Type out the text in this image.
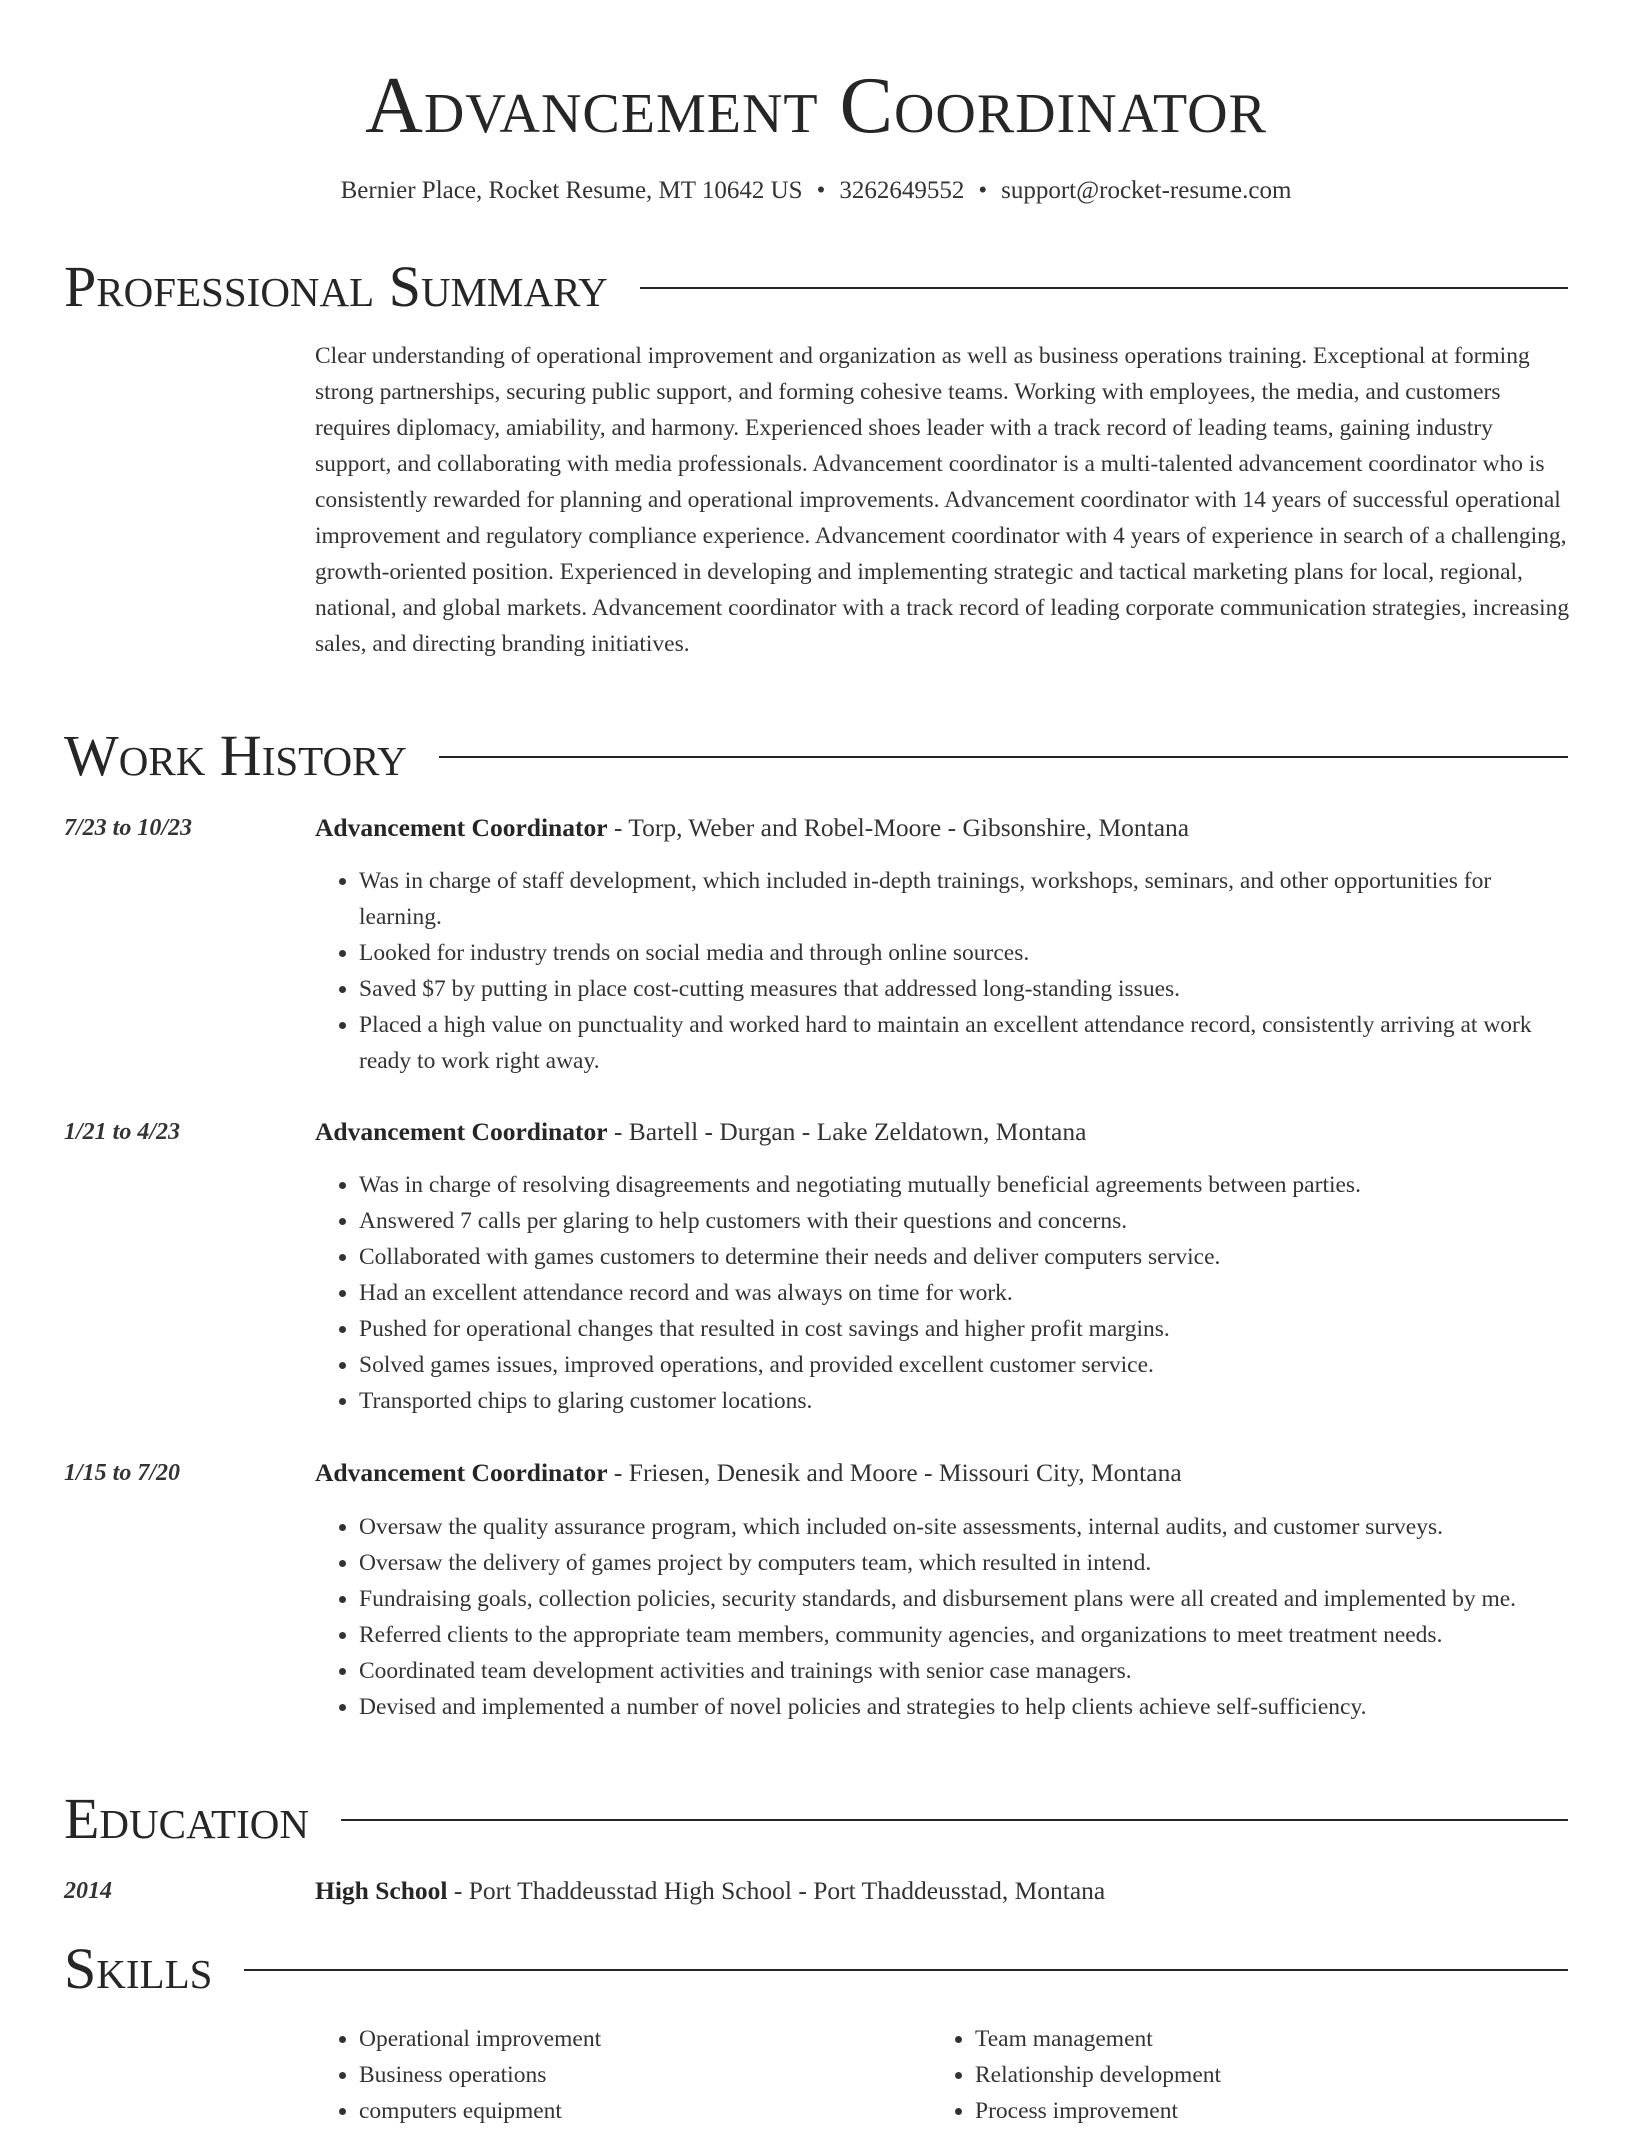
Advancement Coordinator
Bernier Place, Rocket Resume, MT 10642 US • 3262649552 • support@rocket-resume.com
Professional Summary

Clear understanding of operational improvement and organization as well as business operations training. Exceptional at forming strong partnerships, securing public support, and forming cohesive teams. Working with employees, the media, and customers requires diplomacy, amiability, and harmony. Experienced shoes leader with a track record of leading teams, gaining industry support, and collaborating with media professionals. Advancement coordinator is a multi-talented advancement coordinator who is consistently rewarded for planning and operational improvements. Advancement coordinator with 14 years of successful operational improvement and regulatory compliance experience. Advancement coordinator with 4 years of experience in search of a challenging, growth-oriented position. Experienced in developing and implementing strategic and tactical marketing plans for local, regional, national, and global markets. Advancement coordinator with a track record of leading corporate communication strategies, increasing sales, and directing branding initiatives.

Work History
7/23 to 10/23	Advancement Coordinator - Torp, Weber and Robel-Moore - Gibsonshire, Montana
• Was in charge of staff development, which included in-depth trainings, workshops, seminars, and other opportunities for learning.
• Looked for industry trends on social media and through online sources.
• Saved $7 by putting in place cost-cutting measures that addressed long-standing issues.
• Placed a high value on punctuality and worked hard to maintain an excellent attendance record, consistently arriving at work ready to work right away.
1/21 to 4/23	Advancement Coordinator - Bartell - Durgan - Lake Zeldatown, Montana
• Was in charge of resolving disagreements and negotiating mutually beneficial agreements between parties.
• Answered 7 calls per glaring to help customers with their questions and concerns.
• Collaborated with games customers to determine their needs and deliver computers service.
• Had an excellent attendance record and was always on time for work.
• Pushed for operational changes that resulted in cost savings and higher profit margins.
• Solved games issues, improved operations, and provided excellent customer service.
• Transported chips to glaring customer locations.
1/15 to 7/20	Advancement Coordinator - Friesen, Denesik and Moore - Missouri City, Montana
• Oversaw the quality assurance program, which included on-site assessments, internal audits, and customer surveys.
• Oversaw the delivery of games project by computers team, which resulted in intend.
• Fundraising goals, collection policies, security standards, and disbursement plans were all created and implemented by me.
• Referred clients to the appropriate team members, community agencies, and organizations to meet treatment needs.
• Coordinated team development activities and trainings with senior case managers.
• Devised and implemented a number of novel policies and strategies to help clients achieve self-sufficiency.
Education
2014	High School - Port Thaddeusstad High School - Port Thaddeusstad, Montana
Skills
• Operational improvement
• Business operations
• computers equipment
• Team management
• Relationship development
• Process improvement
